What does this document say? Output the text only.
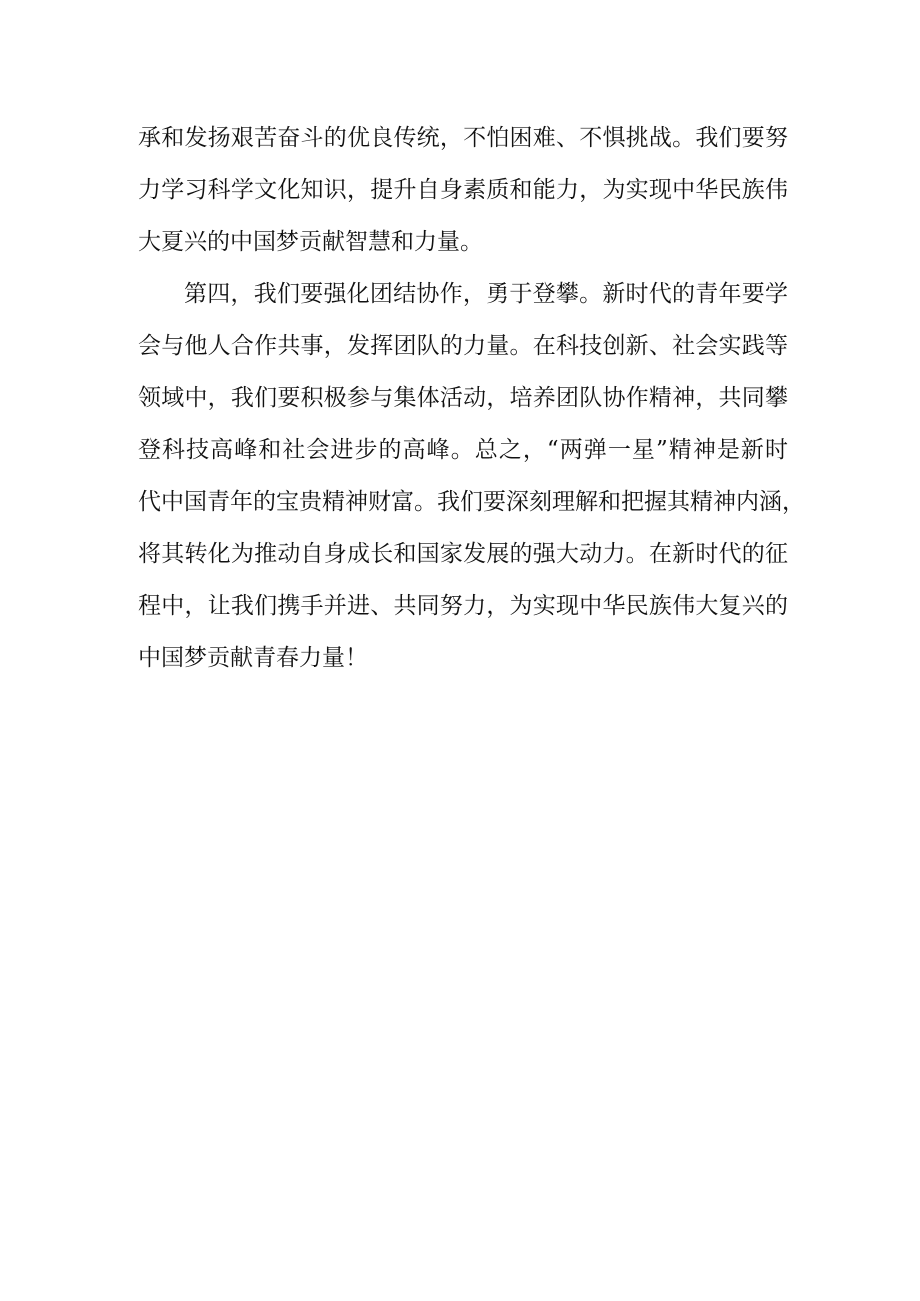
承和发扬艰苦奋斗的优良传统，不怕困难、不惧挑战。我们要努
力学习科学文化知识，提升自身素质和能力，为实现中华民族伟
大夏兴的中国梦贡献智慧和力量。
第四，我们要强化团结协作，勇于登攀。新时代的青年要学
会与他人合作共事，发挥团队的力量。在科技创新、社会实践等
领域中，我们要积极参与集体活动，培养团队协作精神，共同攀
登科技高峰和社会进步的高峰。总之，“两弹一星”精神是新时
代中国青年的宝贵精神财富。我们要深刻理解和把握其精神内涵，
将其转化为推动自身成长和国家发展的强大动力。在新时代的征
程中，让我们携手并进、共同努力，为实现中华民族伟大复兴的
中国梦贡献青春力量！
